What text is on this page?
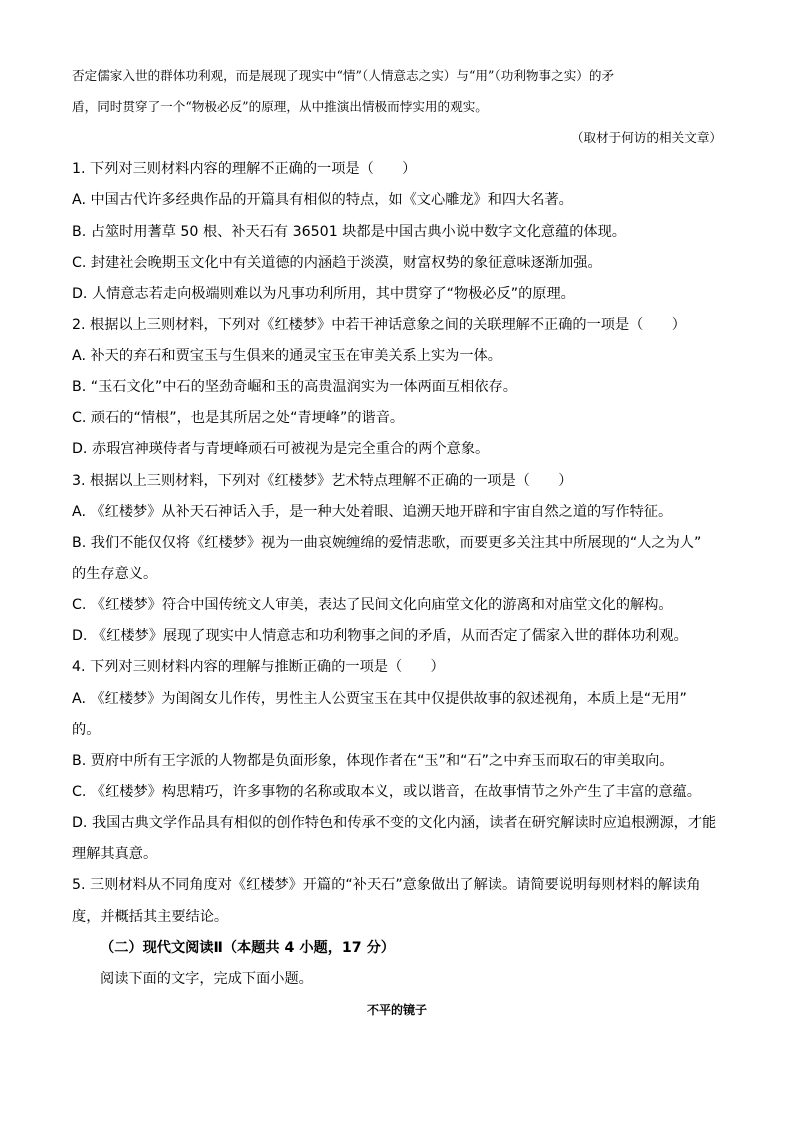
否定儒家入世的群体功利观，而是展现了现实中“情”（人情意志之实）与“用”（功利物事之实）的矛
盾，同时贯穿了一个“物极必反”的原理，从中推演出情极而悖实用的观实。
（取材于何访的相关文章）
1. 下列对三则材料内容的理解不正确的一项是（　　）
A. 中国古代许多经典作品的开篇具有相似的特点，如《文心雕龙》和四大名著。
B. 占筮时用蓍草 50 根、补天石有 36501 块都是中国古典小说中数字文化意蕴的体现。
C. 封建社会晚期玉文化中有关道德的内涵趋于淡漠，财富权势的象征意味逐渐加强。
D. 人情意志若走向极端则难以为凡事功利所用，其中贯穿了“物极必反”的原理。
2. 根据以上三则材料，下列对《红楼梦》中若干神话意象之间的关联理解不正确的一项是（　　）
A. 补天的弃石和贾宝玉与生俱来的通灵宝玉在审美关系上实为一体。
B. “玉石文化”中石的坚劲奇崛和玉的高贵温润实为一体两面互相依存。
C. 顽石的“情根”，也是其所居之处“青埂峰”的谐音。
D. 赤瑕宫神瑛侍者与青埂峰顽石可被视为是完全重合的两个意象。
3. 根据以上三则材料，下列对《红楼梦》艺术特点理解不正确的一项是（　　）
A. 《红楼梦》从补天石神话入手，是一种大处着眼、追溯天地开辟和宇宙自然之道的写作特征。
B. 我们不能仅仅将《红楼梦》视为一曲哀婉缠绵的爱情悲歌，而要更多关注其中所展现的“人之为人”
的生存意义。
C. 《红楼梦》符合中国传统文人审美，表达了民间文化向庙堂文化的游离和对庙堂文化的解构。
D. 《红楼梦》展现了现实中人情意志和功利物事之间的矛盾，从而否定了儒家入世的群体功利观。
4. 下列对三则材料内容的理解与推断正确的一项是（　　）
A. 《红楼梦》为闺阁女儿作传，男性主人公贾宝玉在其中仅提供故事的叙述视角，本质上是“无用”
的。
B. 贾府中所有王字派的人物都是负面形象，体现作者在“玉”和“石”之中弃玉而取石的审美取向。
C. 《红楼梦》构思精巧，许多事物的名称或取本义，或以谐音，在故事情节之外产生了丰富的意蕴。
D. 我国古典文学作品具有相似的创作特色和传承不变的文化内涵，读者在研究解读时应追根溯源，才能
理解其真意。
5. 三则材料从不同角度对《红楼梦》开篇的“补天石”意象做出了解读。请简要说明每则材料的解读角
度，并概括其主要结论。
（二）现代文阅读Ⅱ（本题共 4 小题，17 分）
阅读下面的文字，完成下面小题。
不平的镜子
